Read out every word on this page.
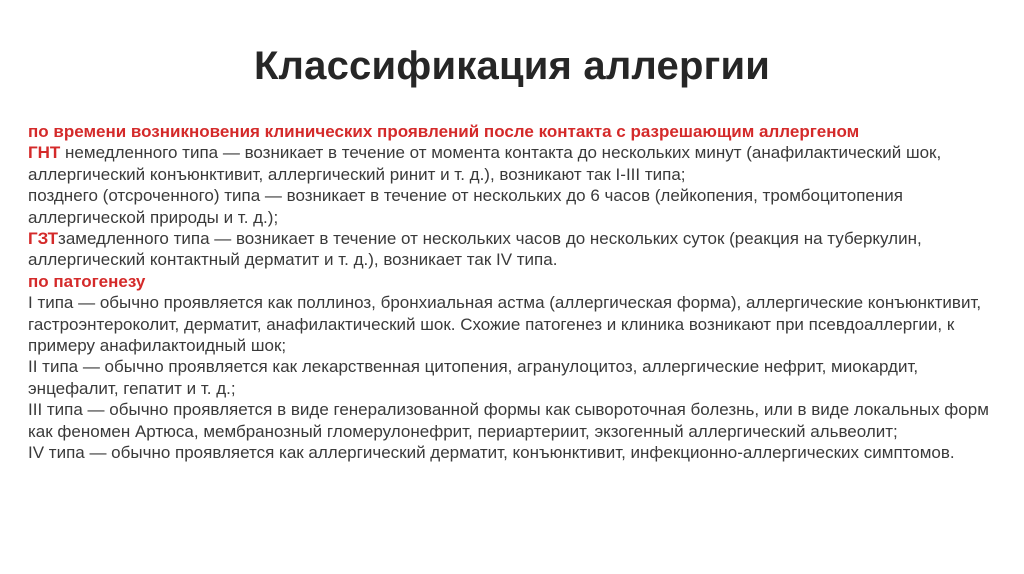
Классификация аллергии

по времени возникновения клинических проявлений после контакта с разрешающим аллергеном

ГНТ немедленного типа — возникает в течение от момента контакта до нескольких минут (анафилактический шок, аллергический конъюнктивит, аллергический ринит и т. д.), возникают так I-III типа;

позднего (отсроченного) типа — возникает в течение от нескольких до 6 часов (лейкопения, тромбоцитопения аллергической природы и т. д.);

ГЗТзамедленного типа — возникает в течение от нескольких часов до нескольких суток (реакция на туберкулин, аллергический контактный дерматит и т. д.), возникает так IV типа.

по патогенезу

I типа — обычно проявляется как поллиноз, бронхиальная астма (аллергическая форма), аллергические конъюнктивит, гастроэнтероколит, дерматит, анафилактический шок. Схожие патогенез и клиника возникают при псевдоаллергии, к примеру анафилактоидный шок;

II типа — обычно проявляется как лекарственная цитопения, агранулоцитоз, аллергические нефрит, миокардит, энцефалит, гепатит и т. д.;

III типа — обычно проявляется в виде генерализованной формы как сывороточная болезнь, или в виде локальных форм как феномен Артюса, мембранозный гломерулонефрит, периартериит, экзогенный аллергический альвеолит;

IV типа — обычно проявляется как аллергический дерматит, конъюнктивит, инфекционно-аллергических симптомов.
